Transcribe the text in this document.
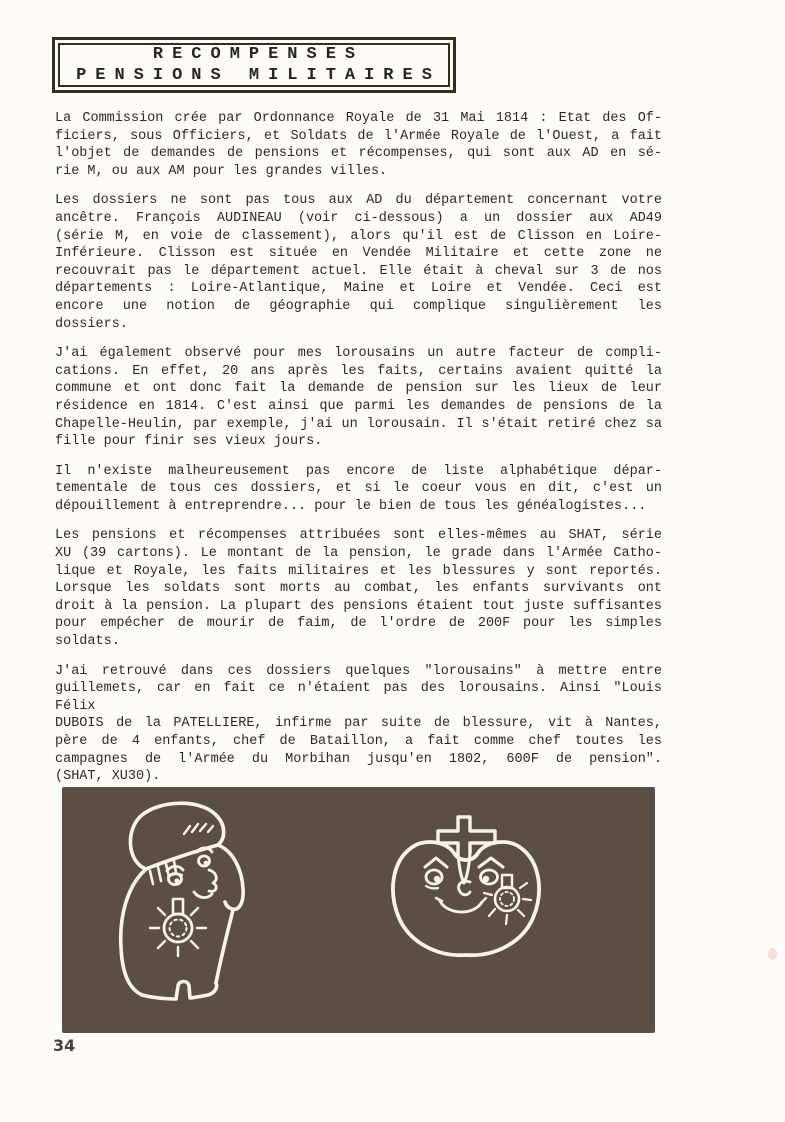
RECOMPENSES
PENSIONS MILITAIRES
La Commission crée par Ordonnance Royale de 31 Mai 1814 : Etat des Of-
ficiers, sous Officiers, et Soldats de l'Armée Royale de l'Ouest, a fait
l'objet de demandes de pensions et récompenses, qui sont aux AD en sé-
rie M, ou aux AM pour les grandes villes.
Les dossiers ne sont pas tous aux AD du département concernant votre
ancêtre. François AUDINEAU (voir ci-dessous) a un dossier aux AD49
(série M, en voie de classement), alors qu'il est de Clisson en Loire-
Inférieure. Clisson est située en Vendée Militaire et cette zone ne
recouvrait pas le département actuel. Elle était à cheval sur 3 de nos
départements : Loire-Atlantique, Maine et Loire et Vendée. Ceci est
encore une notion de géographie qui complique singulièrement les
dossiers.
J'ai également observé pour mes lorousains un autre facteur de compli-
cations. En effet, 20 ans après les faits, certains avaient quitté la
commune et ont donc fait la demande de pension sur les lieux de leur
résidence en 1814. C'est ainsi que parmi les demandes de pensions de la
Chapelle-Heulin, par exemple, j'ai un lorousain. Il s'était retiré chez sa
fille pour finir ses vieux jours.
Il n'existe malheureusement pas encore de liste alphabétique dépar-
tementale de tous ces dossiers, et si le coeur vous en dit, c'est un
dépouillement à entreprendre... pour le bien de tous les généalogistes...
Les pensions et récompenses attribuées sont elles-mêmes au SHAT, série
XU (39 cartons). Le montant de la pension, le grade dans l'Armée Catho-
lique et Royale, les faits militaires et les blessures y sont reportés.
Lorsque les soldats sont morts au combat, les enfants survivants ont
droit à la pension. La plupart des pensions étaient tout juste suffisantes
pour empécher de mourir de faim, de l'ordre de 200F pour les simples
soldats.
J'ai retrouvé dans ces dossiers quelques "lorousains" à mettre entre
guillemets, car en fait ce n'étaient pas des lorousains. Ainsi "Louis Félix
DUBOIS de la PATELLIERE, infirme par suite de blessure, vit à Nantes,
père de 4 enfants, chef de Bataillon, a fait comme chef toutes les
campagnes de l'Armée du Morbihan jusqu'en 1802, 600F de pension".
(SHAT, XU30).
34
